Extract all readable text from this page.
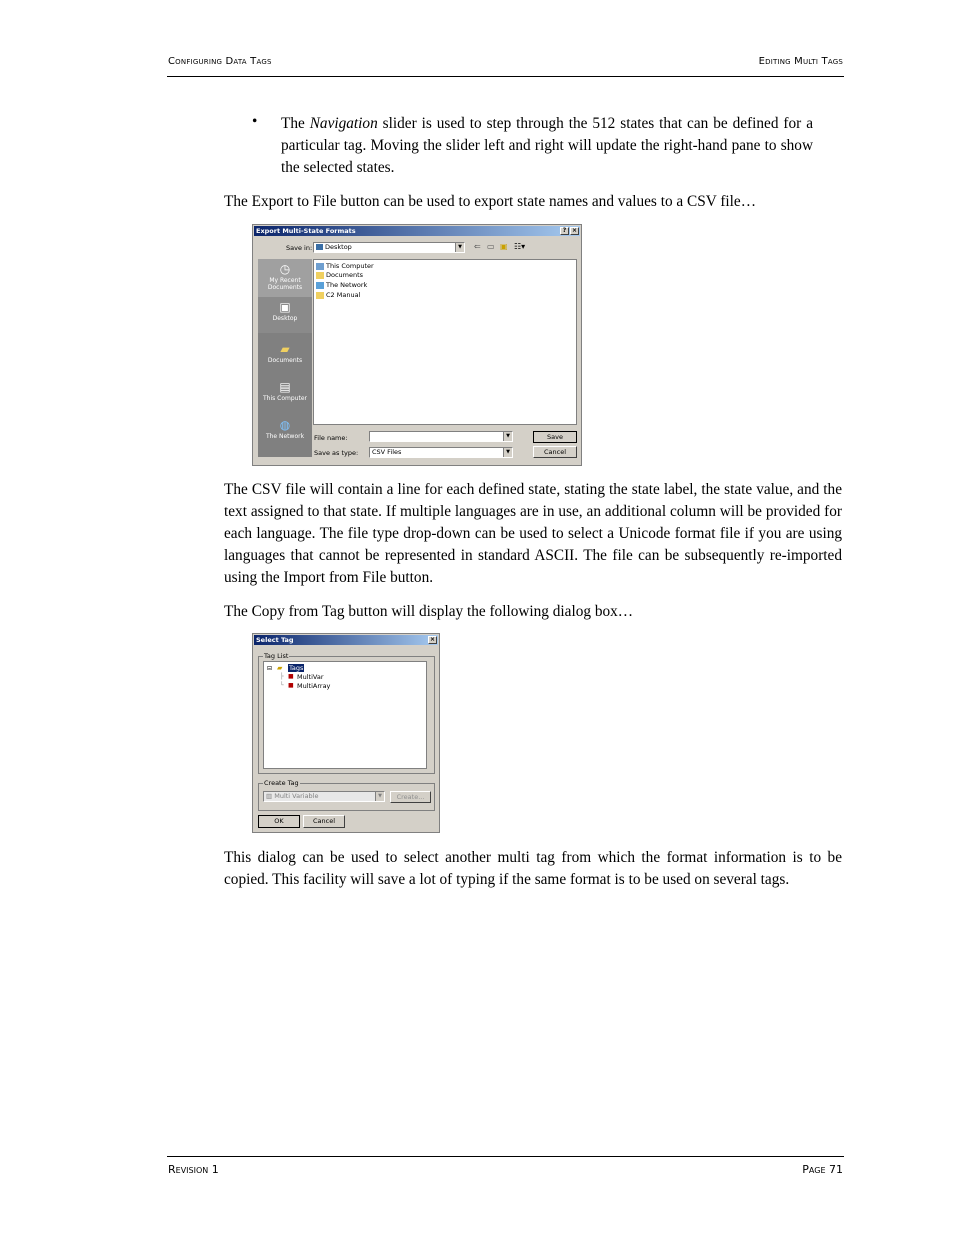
Configuring Data Tags	Editing Multi Tags
• The Navigation slider is used to step through the 512 states that can be defined for a particular tag. Moving the slider left and right will update the right-hand pane to show the selected states.

The Export to File button can be used to export state names and values to a CSV file…

Export Multi-State Formats	? ×
Save in:	Desktop	▼ ⇐ ▭ ▣ ☷▾
◷
My Recent Documents
▣
Desktop
▰
Documents
▤
This Computer
◍
The Network
This Computer
Documents
The Network
C2 Manual
File name:	▼
Save as type:	CSV Files	▼
Save
Cancel

The CSV file will contain a line for each defined state, stating the state label, the state value, and the text assigned to that state. If multiple languages are in use, an additional column will be provided for each language. The file type drop-down can be used to select a Unicode format file if you are using languages that cannot be represented in standard ASCII. The file can be subsequently re-imported using the Import from File button.

The Copy from Tag button will display the following dialog box…

Select Tag	×
Tag List
⊟ ▰ Tags
├
└
■ MultiVar
■ MultiArray
Create Tag
▥ Multi Variable	▼	Create...
OK	Cancel

This dialog can be used to select another multi tag from which the format information is to be copied. This facility will save a lot of typing if the same format is to be used on several tags.

Revision 1	Page 71
